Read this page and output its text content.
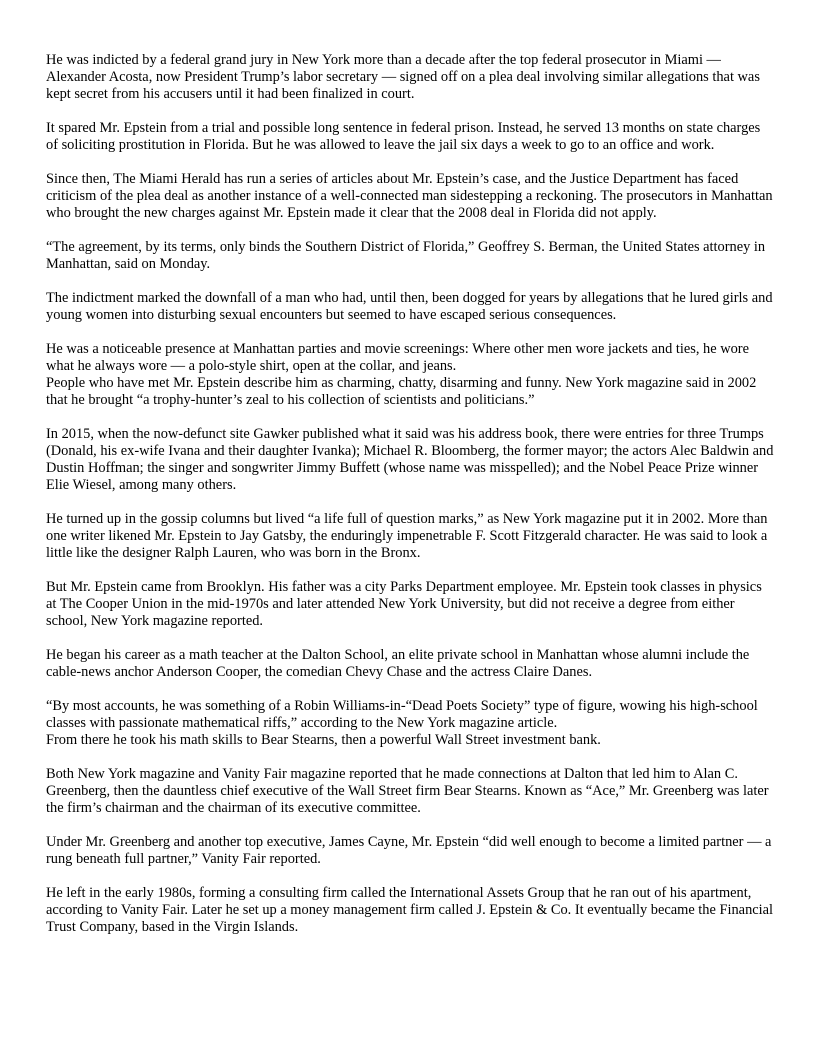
He was indicted by a federal grand jury in New York more than a decade after the top federal prosecutor in Miami — Alexander Acosta, now President Trump’s labor secretary — signed off on a plea deal involving similar allegations that was kept secret from his accusers until it had been finalized in court.

It spared Mr. Epstein from a trial and possible long sentence in federal prison. Instead, he served 13 months on state charges of soliciting prostitution in Florida. But he was allowed to leave the jail six days a week to go to an office and work.

Since then, The Miami Herald has run a series of articles about Mr. Epstein’s case, and the Justice Department has faced criticism of the plea deal as another instance of a well-connected man sidestepping a reckoning. The prosecutors in Manhattan who brought the new charges against Mr. Epstein made it clear that the 2008 deal in Florida did not apply.

“The agreement, by its terms, only binds the Southern District of Florida,” Geoffrey S. Berman, the United States attorney in Manhattan, said on Monday.

The indictment marked the downfall of a man who had, until then, been dogged for years by allegations that he lured girls and young women into disturbing sexual encounters but seemed to have escaped serious consequences.

He was a noticeable presence at Manhattan parties and movie screenings: Where other men wore jackets and ties, he wore what he always wore — a polo-style shirt, open at the collar, and jeans.
People who have met Mr. Epstein describe him as charming, chatty, disarming and funny. New York magazine said in 2002 that he brought “a trophy-hunter’s zeal to his collection of scientists and politicians.”

In 2015, when the now-defunct site Gawker published what it said was his address book, there were entries for three Trumps (Donald, his ex-wife Ivana and their daughter Ivanka); Michael R. Bloomberg, the former mayor; the actors Alec Baldwin and Dustin Hoffman; the singer and songwriter Jimmy Buffett (whose name was misspelled); and the Nobel Peace Prize winner Elie Wiesel, among many others.

He turned up in the gossip columns but lived “a life full of question marks,” as New York magazine put it in 2002. More than one writer likened Mr. Epstein to Jay Gatsby, the enduringly impenetrable F. Scott Fitzgerald character. He was said to look a little like the designer Ralph Lauren, who was born in the Bronx.

But Mr. Epstein came from Brooklyn. His father was a city Parks Department employee. Mr. Epstein took classes in physics at The Cooper Union in the mid-1970s and later attended New York University, but did not receive a degree from either school, New York magazine reported.

He began his career as a math teacher at the Dalton School, an elite private school in Manhattan whose alumni include the cable-news anchor Anderson Cooper, the comedian Chevy Chase and the actress Claire Danes.

“By most accounts, he was something of a Robin Williams-in-“Dead Poets Society” type of figure, wowing his high-school classes with passionate mathematical riffs,” according to the New York magazine article.
From there he took his math skills to Bear Stearns, then a powerful Wall Street investment bank.

Both New York magazine and Vanity Fair magazine reported that he made connections at Dalton that led him to Alan C. Greenberg, then the dauntless chief executive of the Wall Street firm Bear Stearns. Known as “Ace,” Mr. Greenberg was later the firm’s chairman and the chairman of its executive committee.

Under Mr. Greenberg and another top executive, James Cayne, Mr. Epstein “did well enough to become a limited partner — a rung beneath full partner,” Vanity Fair reported.

He left in the early 1980s, forming a consulting firm called the International Assets Group that he ran out of his apartment, according to Vanity Fair. Later he set up a money management firm called J. Epstein & Co. It eventually became the Financial Trust Company, based in the Virgin Islands.
